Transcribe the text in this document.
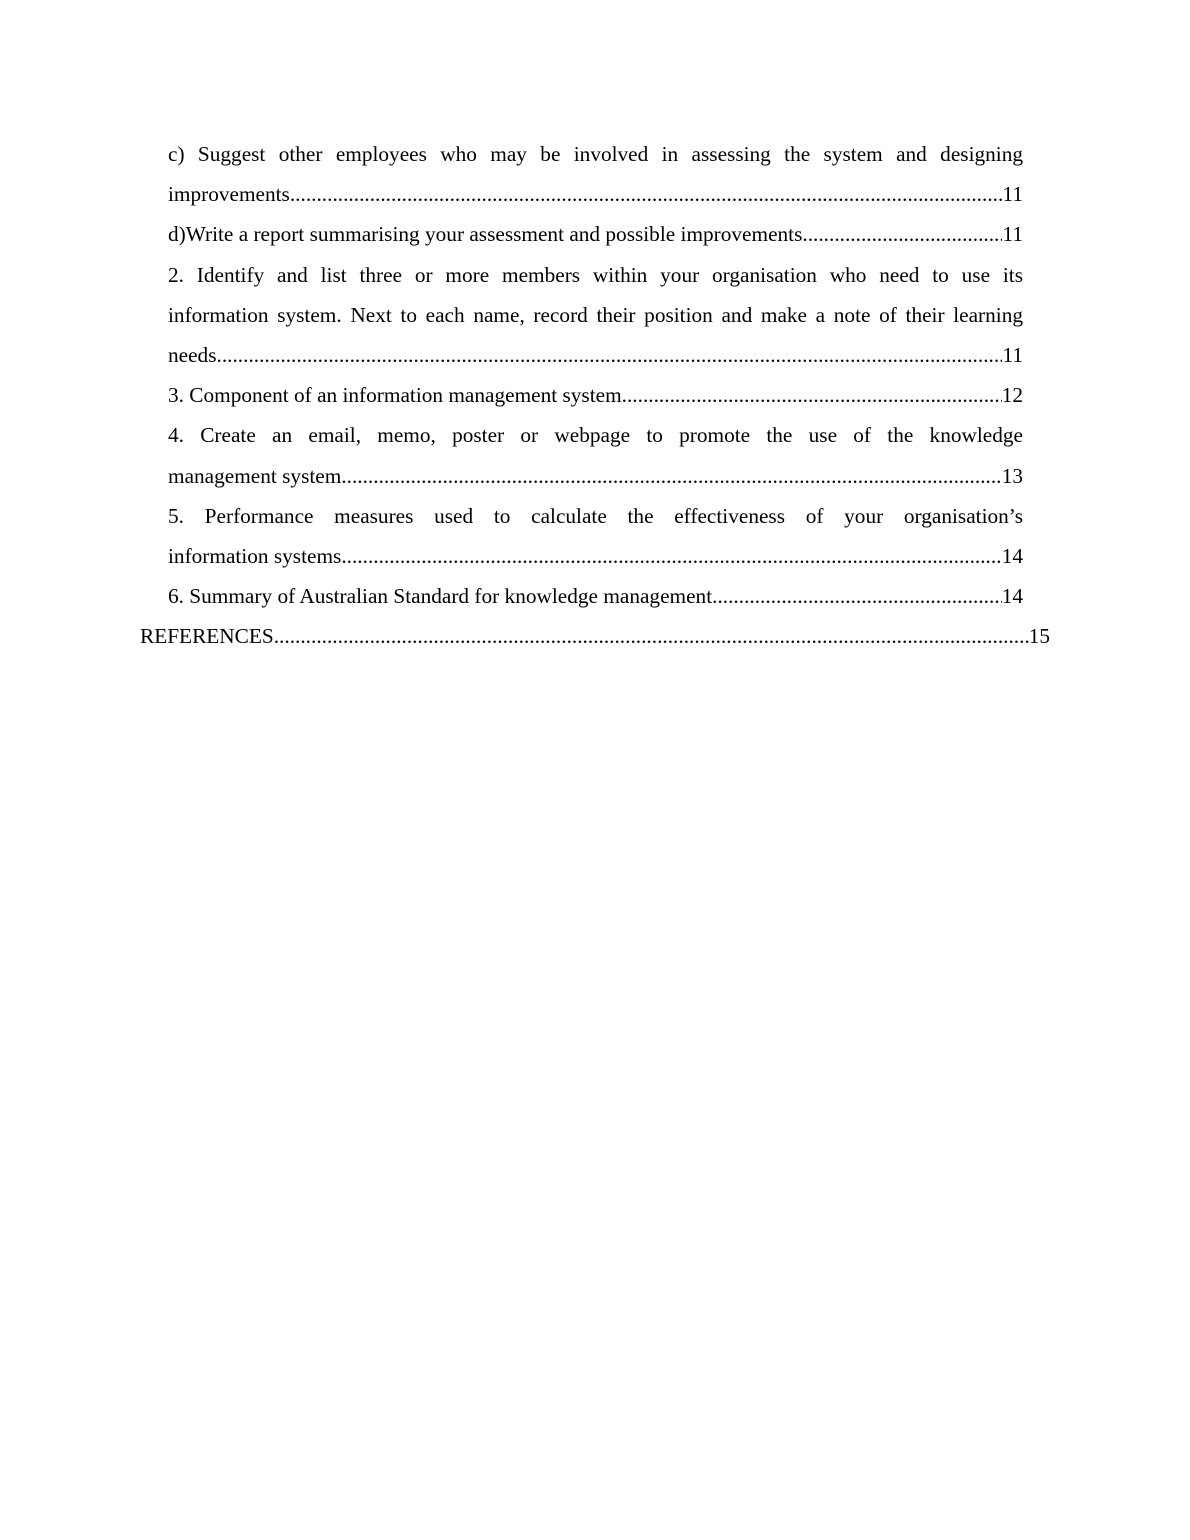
c) Suggest other employees who may be involved in assessing the system and designing
improvements. .....	11
d)Write a report summarising your assessment and possible improvements .....	11
2. Identify and list three or more members within your organisation who need to use its
information system. Next to each name, record their position and make a note of their learning
needs. .....	11
3. Component of an information management system .....	12
4. Create an email, memo, poster or webpage to promote the use of the knowledge
management system .....	13
5. Performance measures used to calculate the effectiveness of your organisation’s
information systems .....	14
6. Summary of Australian Standard for knowledge management. .....	14
REFERENCES .....	15
